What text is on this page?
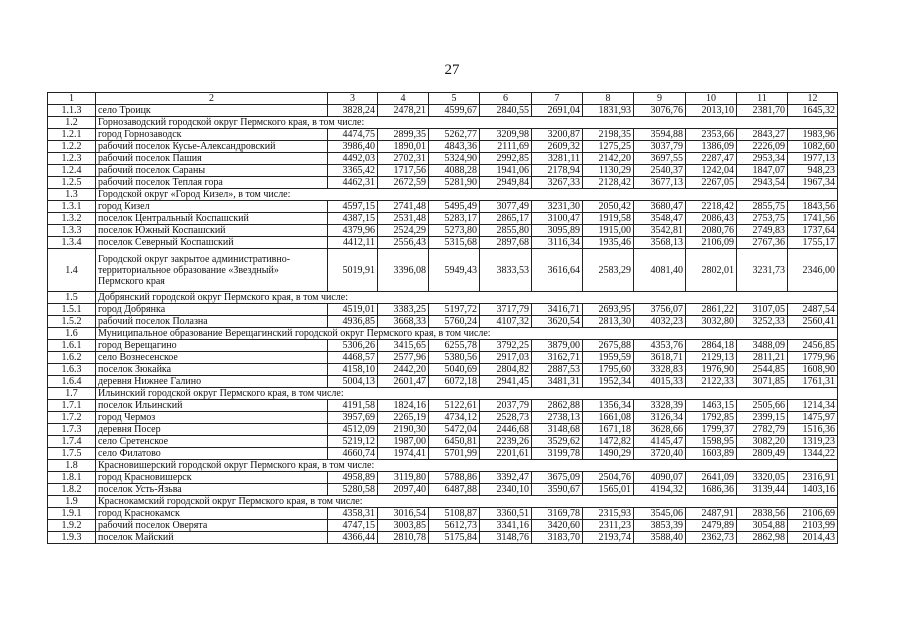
27
1	2	3	4	5	6	7	8	9	10	11	12
1.1.3	село Троицк	3828,24	2478,21	4599,67	2840,55	2691,04	1831,93	3076,76	2013,10	2381,70	1645,32
1.2	Горнозаводский городской округ Пермского края, в том числе:										
1.2.1	город Горнозаводск	4474,75	2899,35	5262,77	3209,98	3200,87	2198,35	3594,88	2353,66	2843,27	1983,96
1.2.2	рабочий поселок Кусье-Александровский	3986,40	1890,01	4843,36	2111,69	2609,32	1275,25	3037,79	1386,09	2226,09	1082,60
1.2.3	рабочий поселок Пашия	4492,03	2702,31	5324,90	2992,85	3281,11	2142,20	3697,55	2287,47	2953,34	1977,13
1.2.4	рабочий поселок Сараны	3365,42	1717,56	4088,28	1941,06	2178,94	1130,29	2540,37	1242,04	1847,07	948,23
1.2.5	рабочий поселок Теплая гора	4462,31	2672,59	5281,90	2949,84	3267,33	2128,42	3677,13	2267,05	2943,54	1967,34
1.3	Городской округ «Город Кизел», в том числе:										
1.3.1	город Кизел	4597,15	2741,48	5495,49	3077,49	3231,30	2050,42	3680,47	2218,42	2855,75	1843,56
1.3.2	поселок Центральный Коспашский	4387,15	2531,48	5283,17	2865,17	3100,47	1919,58	3548,47	2086,43	2753,75	1741,56
1.3.3	поселок Южный Коспашский	4379,96	2524,29	5273,80	2855,80	3095,89	1915,00	3542,81	2080,76	2749,83	1737,64
1.3.4	поселок Северный Коспашский	4412,11	2556,43	5315,68	2897,68	3116,34	1935,46	3568,13	2106,09	2767,36	1755,17
1.4	Городской округ закрытое административно-территориальное образование «Звездный» Пермского края	5019,91	3396,08	5949,43	3833,53	3616,64	2583,29	4081,40	2802,01	3231,73	2346,00
1.5	Добрянский городской округ Пермского края, в том числе:										
1.5.1	город Добрянка	4519,01	3383,25	5197,72	3717,79	3416,71	2693,95	3756,07	2861,22	3107,05	2487,54
1.5.2	рабочий поселок Полазна	4936,85	3668,33	5760,24	4107,32	3620,54	2813,30	4032,23	3032,80	3252,33	2560,41
1.6	Муниципальное образование Верещагинский городской округ Пермского края, в том числе:										
1.6.1	город Верещагино	5306,26	3415,65	6255,78	3792,25	3879,00	2675,88	4353,76	2864,18	3488,09	2456,85
1.6.2	село Вознесенское	4468,57	2577,96	5380,56	2917,03	3162,71	1959,59	3618,71	2129,13	2811,21	1779,96
1.6.3	поселок Зюкайка	4158,10	2442,20	5040,69	2804,82	2887,53	1795,60	3328,83	1976,90	2544,85	1608,90
1.6.4	деревня Нижнее Галино	5004,13	2601,47	6072,18	2941,45	3481,31	1952,34	4015,33	2122,33	3071,85	1761,31
1.7	Ильинский городской округ Пермского края, в том числе:										
1.7.1	поселок Ильинский	4191,58	1824,16	5122,61	2037,79	2862,88	1356,34	3328,39	1463,15	2505,66	1214,34
1.7.2	город Чермоз	3957,69	2265,19	4734,12	2528,73	2738,13	1661,08	3126,34	1792,85	2399,15	1475,97
1.7.3	деревня Посер	4512,09	2190,30	5472,04	2446,68	3148,68	1671,18	3628,66	1799,37	2782,79	1516,36
1.7.4	село Сретенское	5219,12	1987,00	6450,81	2239,26	3529,62	1472,82	4145,47	1598,95	3082,20	1319,23
1.7.5	село Филатово	4660,74	1974,41	5701,99	2201,61	3199,78	1490,29	3720,40	1603,89	2809,49	1344,22
1.8	Красновишерский городской округ Пермского края, в том числе:										
1.8.1	город Красновишерск	4958,89	3119,80	5788,86	3392,47	3675,09	2504,76	4090,07	2641,09	3320,05	2316,91
1.8.2	поселок Усть-Язьва	5280,58	2097,40	6487,88	2340,10	3590,67	1565,01	4194,32	1686,36	3139,44	1403,16
1.9	Краснокамский городской округ Пермского края, в том числе:										
1.9.1	город Краснокамск	4358,31	3016,54	5108,87	3360,51	3169,78	2315,93	3545,06	2487,91	2838,56	2106,69
1.9.2	рабочий поселок Оверята	4747,15	3003,85	5612,73	3341,16	3420,60	2311,23	3853,39	2479,89	3054,88	2103,99
1.9.3	поселок Майский	4366,44	2810,78	5175,84	3148,76	3183,70	2193,74	3588,40	2362,73	2862,98	2014,43
